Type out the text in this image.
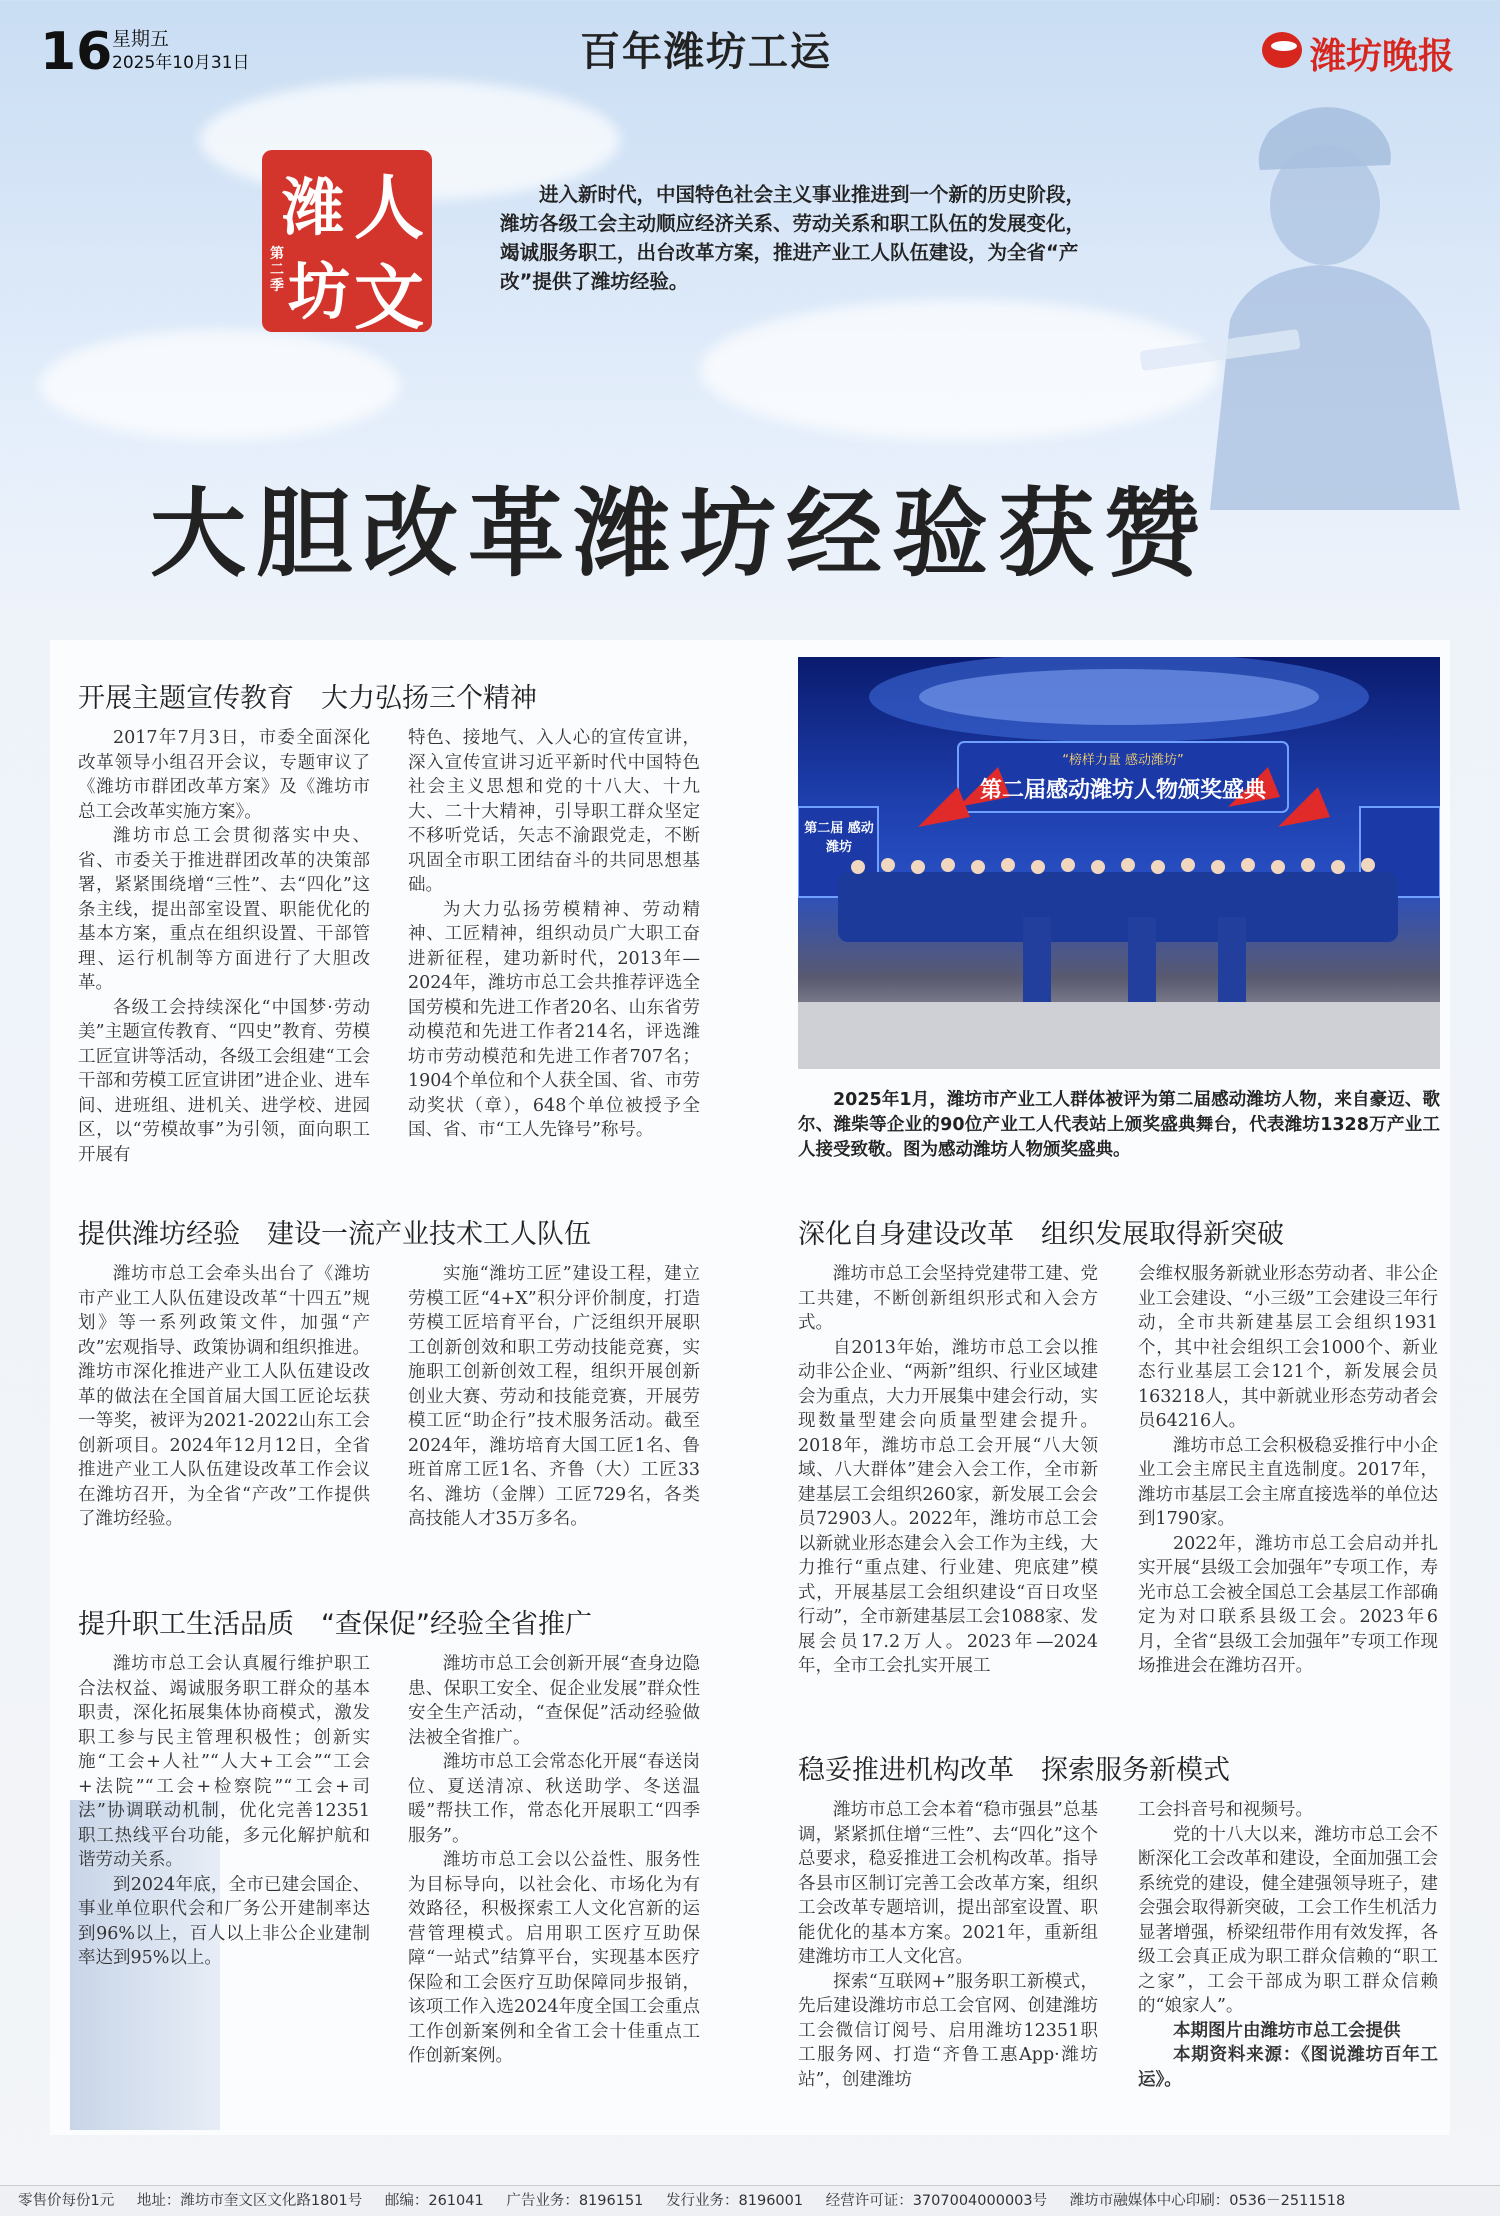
16 星期五
2025年10月31日	百年潍坊工运	潍坊晚报
潍 人
第二季 坊 文
进入新时代，中国特色社会主义事业推进到一个新的历史阶段，潍坊各级工会主动顺应经济关系、劳动关系和职工队伍的发展变化，竭诚服务职工，出台改革方案，推进产业工人队伍建设，为全省“产改”提供了潍坊经验。
大胆改革潍坊经验获赞
开展主题宣传教育　大力弘扬三个精神

2017年7月3日，市委全面深化改革领导小组召开会议，专题审议了《潍坊市群团改革方案》及《潍坊市总工会改革实施方案》。

潍坊市总工会贯彻落实中央、省、市委关于推进群团改革的决策部署，紧紧围绕增“三性”、去“四化”这条主线，提出部室设置、职能优化的基本方案，重点在组织设置、干部管理、运行机制等方面进行了大胆改革。

各级工会持续深化“中国梦·劳动美”主题宣传教育、“四史”教育、劳模工匠宣讲等活动，各级工会组建“工会干部和劳模工匠宣讲团”进企业、进车间、进班组、进机关、进学校、进园区，以“劳模故事”为引领，面向职工开展有

特色、接地气、入人心的宣传宣讲，深入宣传宣讲习近平新时代中国特色社会主义思想和党的十八大、十九大、二十大精神，引导职工群众坚定不移听党话，矢志不渝跟党走，不断巩固全市职工团结奋斗的共同思想基础。

为大力弘扬劳模精神、劳动精神、工匠精神，组织动员广大职工奋进新征程，建功新时代，2013年—2024年，潍坊市总工会共推荐评选全国劳模和先进工作者20名、山东省劳动模范和先进工作者214名，评选潍坊市劳动模范和先进工作者707名；1904个单位和个人获全国、省、市劳动奖状（章），648个单位被授予全国、省、市“工人先锋号”称号。

“榜样力量 感动潍坊”
第二届感动潍坊人物颁奖盛典
第二届 感动潍坊
2025年1月，潍坊市产业工人群体被评为第二届感动潍坊人物，来自豪迈、歌尔、潍柴等企业的90位产业工人代表站上颁奖盛典舞台，代表潍坊1328万产业工人接受致敬。图为感动潍坊人物颁奖盛典。
提供潍坊经验　建设一流产业技术工人队伍

潍坊市总工会牵头出台了《潍坊市产业工人队伍建设改革“十四五”规划》等一系列政策文件，加强“产改”宏观指导、政策协调和组织推进。潍坊市深化推进产业工人队伍建设改革的做法在全国首届大国工匠论坛获一等奖，被评为2021-2022山东工会创新项目。2024年12月12日，全省推进产业工人队伍建设改革工作会议在潍坊召开，为全省“产改”工作提供了潍坊经验。

实施“潍坊工匠”建设工程，建立劳模工匠“4+X”积分评价制度，打造劳模工匠培育平台，广泛组织开展职工创新创效和职工劳动技能竞赛，实施职工创新创效工程，组织开展创新创业大赛、劳动和技能竞赛，开展劳模工匠“助企行”技术服务活动。截至2024年，潍坊培育大国工匠1名、鲁班首席工匠1名、齐鲁（大）工匠33名、潍坊（金牌）工匠729名，各类高技能人才35万多名。

提升职工生活品质　“查保促”经验全省推广

潍坊市总工会认真履行维护职工合法权益、竭诚服务职工群众的基本职责，深化拓展集体协商模式，激发职工参与民主管理积极性；创新实施“工会+人社”“人大+工会”“工会+法院”“工会+检察院”“工会+司法”协调联动机制，优化完善12351职工热线平台功能，多元化解护航和谐劳动关系。

到2024年底，全市已建会国企、事业单位职代会和厂务公开建制率达到96%以上，百人以上非公企业建制率达到95%以上。

潍坊市总工会创新开展“查身边隐患、保职工安全、促企业发展”群众性安全生产活动，“查保促”活动经验做法被全省推广。

潍坊市总工会常态化开展“春送岗位、夏送清凉、秋送助学、冬送温暖”帮扶工作，常态化开展职工“四季服务”。

潍坊市总工会以公益性、服务性为目标导向，以社会化、市场化为有效路径，积极探索工人文化宫新的运营管理模式。启用职工医疗互助保障“一站式”结算平台，实现基本医疗保险和工会医疗互助保障同步报销，该项工作入选2024年度全国工会重点工作创新案例和全省工会十佳重点工作创新案例。

深化自身建设改革　组织发展取得新突破

潍坊市总工会坚持党建带工建、党工共建，不断创新组织形式和入会方式。

自2013年始，潍坊市总工会以推动非公企业、“两新”组织、行业区域建会为重点，大力开展集中建会行动，实现数量型建会向质量型建会提升。2018年，潍坊市总工会开展“八大领域、八大群体”建会入会工作，全市新建基层工会组织260家，新发展工会会员72903人。2022年，潍坊市总工会以新就业形态建会入会工作为主线，大力推行“重点建、行业建、兜底建”模式，开展基层工会组织建设“百日攻坚行动”，全市新建基层工会1088家、发展会员17.2万人。2023年—2024年，全市工会扎实开展工

会维权服务新就业形态劳动者、非公企业工会建设、“小三级”工会建设三年行动，全市共新建基层工会组织1931个，其中社会组织工会1000个、新业态行业基层工会121个，新发展会员163218人，其中新就业形态劳动者会员64216人。

潍坊市总工会积极稳妥推行中小企业工会主席民主直选制度。2017年，潍坊市基层工会主席直接选举的单位达到1790家。

2022年，潍坊市总工会启动并扎实开展“县级工会加强年”专项工作，寿光市总工会被全国总工会基层工作部确定为对口联系县级工会。2023年6月，全省“县级工会加强年”专项工作现场推进会在潍坊召开。

稳妥推进机构改革　探索服务新模式

潍坊市总工会本着“稳市强县”总基调，紧紧抓住增“三性”、去“四化”这个总要求，稳妥推进工会机构改革。指导各县市区制订完善工会改革方案，组织工会改革专题培训，提出部室设置、职能优化的基本方案。2021年，重新组建潍坊市工人文化宫。

探索“互联网+”服务职工新模式，先后建设潍坊市总工会官网、创建潍坊工会微信订阅号、启用潍坊12351职工服务网、打造“齐鲁工惠App·潍坊站”，创建潍坊

工会抖音号和视频号。

党的十八大以来，潍坊市总工会不断深化工会改革和建设，全面加强工会系统党的建设，健全建强领导班子，建会强会取得新突破，工会工作生机活力显著增强，桥梁纽带作用有效发挥，各级工会真正成为职工群众信赖的“职工之家”，工会干部成为职工群众信赖的“娘家人”。

本期图片由潍坊市总工会提供

本期资料来源：《图说潍坊百年工运》。

零售价每份1元 地址：潍坊市奎文区文化路1801号 邮编：261041 广告业务：8196151 发行业务：8196001 经营许可证：3707004000003号 潍坊市融媒体中心印刷：0536－2511518
